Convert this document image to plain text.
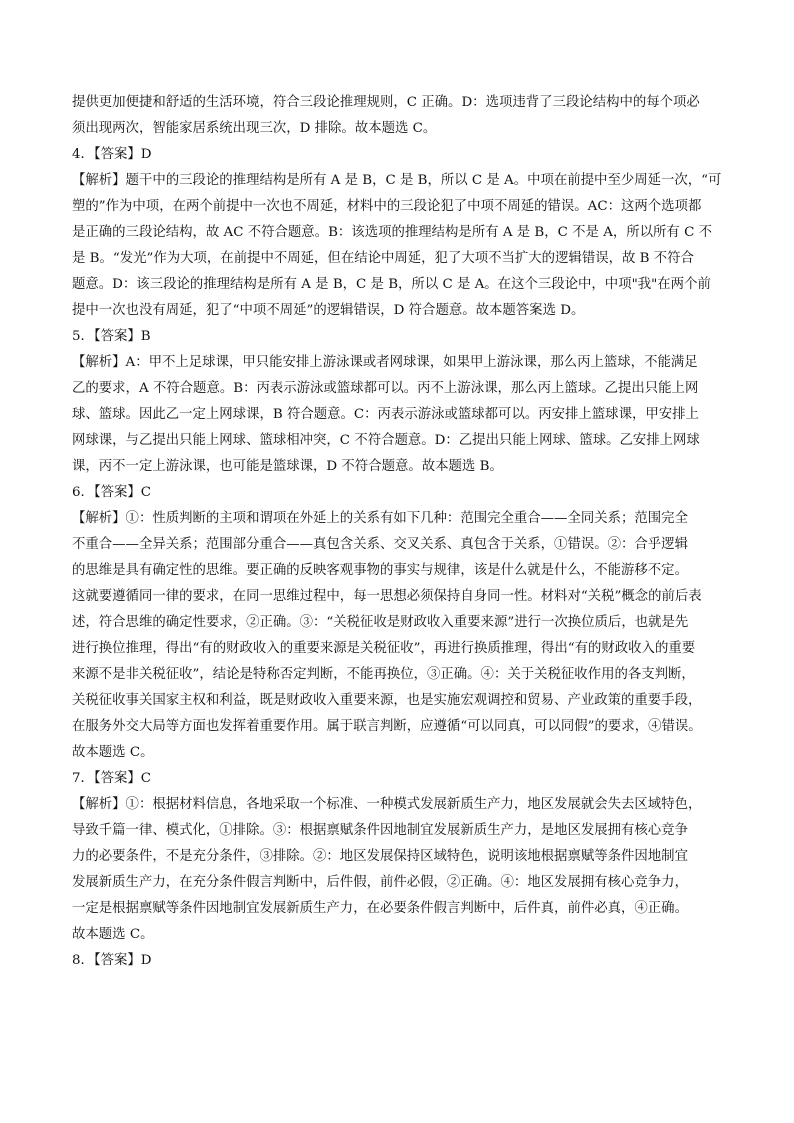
提供更加便捷和舒适的生活环境，符合三段论推理规则，C 正确。D：选项违背了三段论结构中的每个项必

须出现两次，智能家居系统出现三次，D 排除。故本题选 C。

4．【答案】D

【解析】题干中的三段论的推理结构是所有 A 是 B，C 是 B，所以 C 是 A。中项在前提中至少周延一次，“可

塑的”作为中项，在两个前提中一次也不周延，材料中的三段论犯了中项不周延的错误。AC：这两个选项都

是正确的三段论结构，故 AC 不符合题意。B：该选项的推理结构是所有 A 是 B，C 不是 A，所以所有 C 不

是 B。“发光”作为大项，在前提中不周延，但在结论中周延，犯了大项不当扩大的逻辑错误，故 B 不符合

题意。D：该三段论的推理结构是所有 A 是 B，C 是 B，所以 C 是 A。在这个三段论中，中项"我"在两个前

提中一次也没有周延，犯了“中项不周延”的逻辑错误，D 符合题意。故本题答案选 D。

5．【答案】B

【解析】A：甲不上足球课，甲只能安排上游泳课或者网球课，如果甲上游泳课，那么丙上篮球，不能满足

乙的要求，A 不符合题意。B：丙表示游泳或篮球都可以。丙不上游泳课，那么丙上篮球。乙提出只能上网

球、篮球。因此乙一定上网球课，B 符合题意。C：丙表示游泳或篮球都可以。丙安排上篮球课，甲安排上

网球课，与乙提出只能上网球、篮球相冲突，C 不符合题意。D：乙提出只能上网球、篮球。乙安排上网球

课，丙不一定上游泳课，也可能是篮球课，D 不符合题意。故本题选 B。

6．【答案】C

【解析】①：性质判断的主项和谓项在外延上的关系有如下几种：范围完全重合——全同关系；范围完全

不重合——全异关系；范围部分重合——真包含关系、交叉关系、真包含于关系，①错误。②：合乎逻辑

的思维是具有确定性的思维。要正确的反映客观事物的事实与规律，该是什么就是什么，不能游移不定。

这就要遵循同一律的要求，在同一思维过程中，每一思想必须保持自身同一性。材料对“关税”概念的前后表

述，符合思维的确定性要求，②正确。③：“关税征收是财政收入重要来源”进行一次换位质后，也就是先

进行换位推理，得出“有的财政收入的重要来源是关税征收”，再进行换质推理，得出“有的财政收入的重要

来源不是非关税征收”，结论是特称否定判断，不能再换位，③正确。④：关于关税征收作用的各支判断，

关税征收事关国家主权和利益，既是财政收入重要来源，也是实施宏观调控和贸易、产业政策的重要手段，

在服务外交大局等方面也发挥着重要作用。属于联言判断，应遵循“可以同真，可以同假”的要求，④错误。

故本题选 C。

7．【答案】C

【解析】①：根据材料信息，各地采取一个标准、一种模式发展新质生产力，地区发展就会失去区域特色，

导致千篇一律、模式化，①排除。③：根据禀赋条件因地制宜发展新质生产力，是地区发展拥有核心竞争

力的必要条件，不是充分条件，③排除。②：地区发展保持区域特色，说明该地根据禀赋等条件因地制宜

发展新质生产力，在充分条件假言判断中，后件假，前件必假，②正确。④：地区发展拥有核心竞争力，

一定是根据禀赋等条件因地制宜发展新质生产力，在必要条件假言判断中，后件真，前件必真，④正确。

故本题选 C。

8．【答案】D
